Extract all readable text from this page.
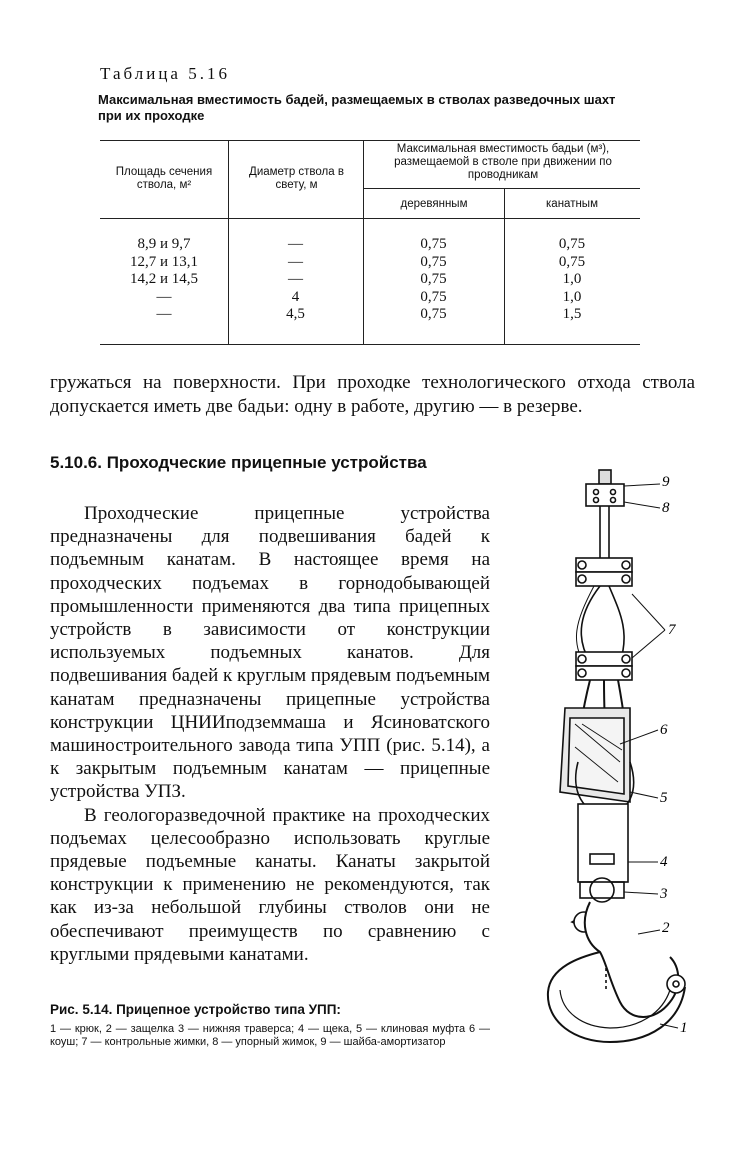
Таблица 5.16
Максимальная вместимость бадей, размещаемых в стволах разведочных шахт при их проходке
Площадь сечения ствола, м²
Диаметр ствола в свету, м
Максимальная вместимость бадьи (м³), размещаемой в стволе при движении по проводникам
деревянным	канатным
8,9 и 9,7
12,7 и 13,1
14,2 и 14,5
—
—
—
—
—
4
4,5
0,75
0,75
0,75
0,75
0,75
0,75
0,75
1,0
1,0
1,5
гружаться на поверхности. При проходке технологического отхода ствола допускается иметь две бадьи: одну в работе, другию — в резерве.
5.10.6. Проходческие прицепные устройства

Проходческие прицепные устройства предназначены для подвешивания бадей к подъемным канатам. В настоящее время на проходческих подъемах в горнодобывающей промышленности применяются два типа прицепных устройств в зависимости от конструкции используемых подъемных канатов. Для подвешивания бадей к круглым прядевым подъемным канатам предназначены прицепные устройства конструкции ЦНИИподземмаша и Ясиноватского машиностроительного завода типа УПП (рис. 5.14), а к закрытым подъемным канатам — прицепные устройства УПЗ.

В геологоразведочной практике на проходческих подъемах целесообразно использовать круглые прядевые подъемные канаты. Канаты закрытой конструкции к применению не рекомендуются, так как из-за небольшой глубины стволов они не обеспечивают преимуществ по сравнению с круглыми прядевыми канатами.

Рис. 5.14. Прицепное устройство типа УПП:
1 — крюк, 2 — защелка 3 — нижняя траверса; 4 — щека, 5 — клиновая муфта 6 — коуш; 7 — контрольные жимки, 8 — упорный жимок, 9 — шайба-амортизатор
9
8
7
6
5
4
3
2
1
